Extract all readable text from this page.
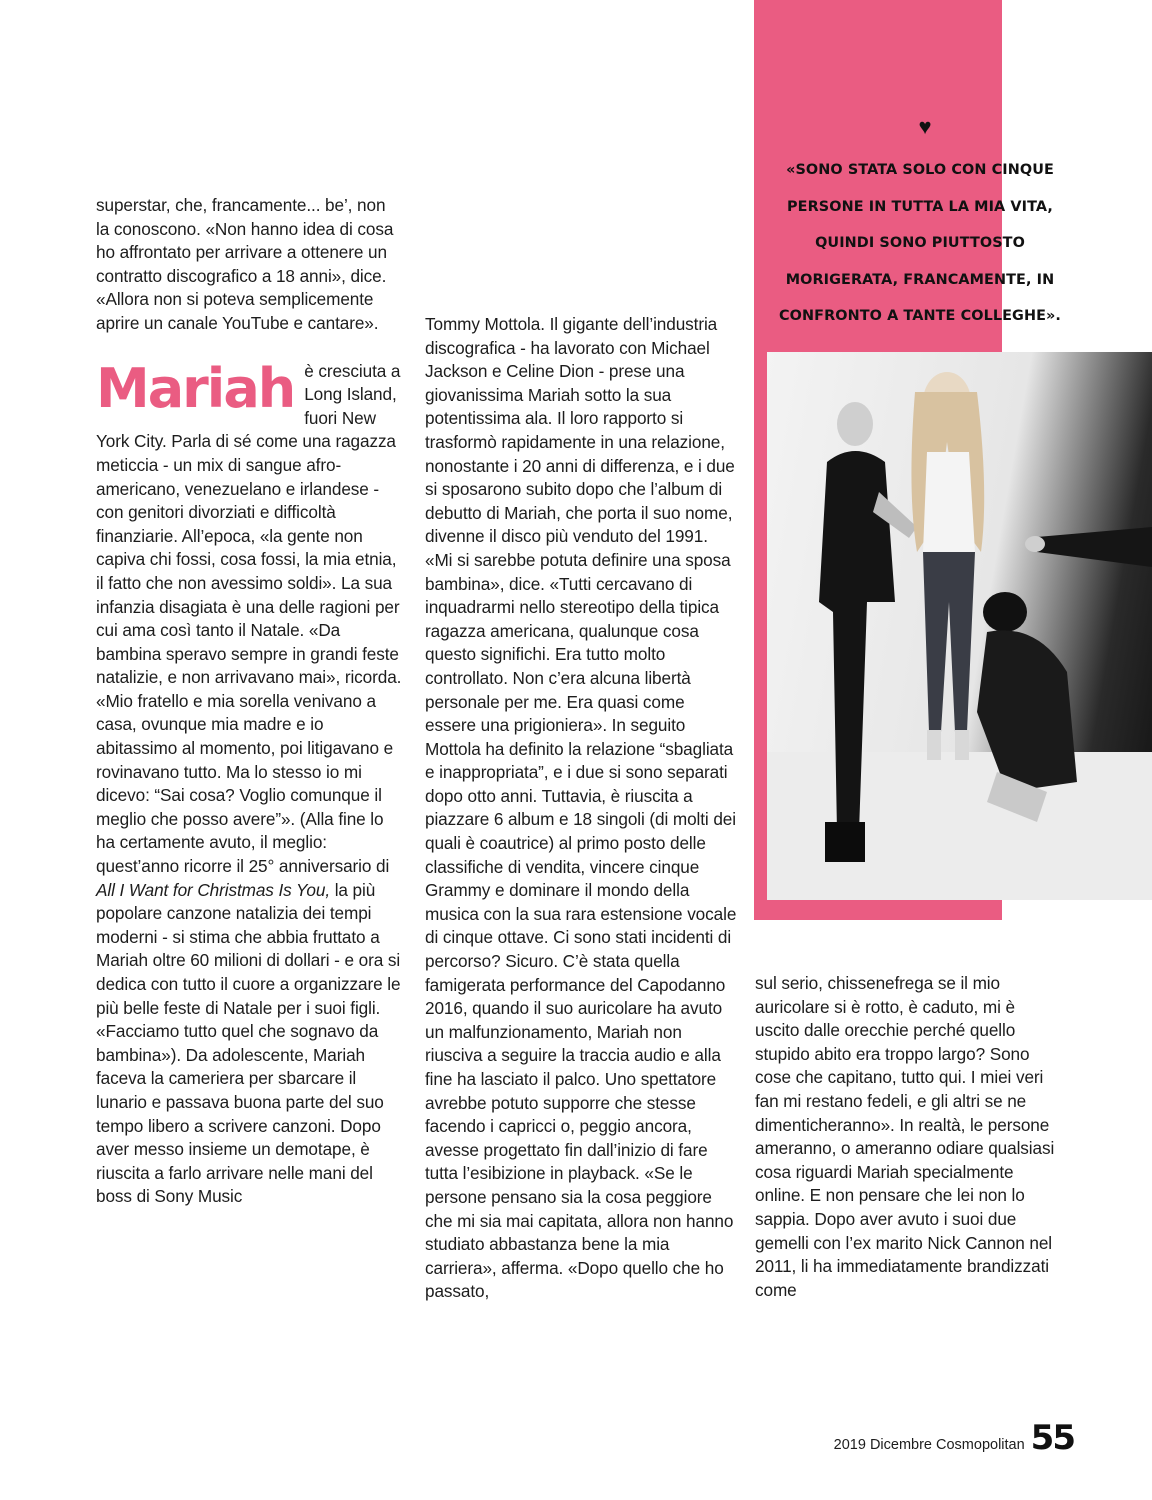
♥
«SONO STATA SOLO CON CINQUE PERSONE IN TUTTA LA MIA VITA, QUINDI SONO PIUTTOSTO MORIGERATA, FRANCAMENTE, IN CONFRONTO A TANTE COLLEGHE».

superstar, che, francamente... be’, non la conoscono. «Non hanno idea di cosa ho affrontato per arrivare a ottenere un contratto discografico a 18 anni», dice. «Allora non si poteva semplicemente aprire un canale YouTube e cantare».

Mariah è cresciuta a Long Island, fuori New York City. Parla di sé come una ragazza meticcia - un mix di sangue afro-americano, venezuelano e irlandese - con genitori divorziati e difficoltà finanziarie. All’epoca, «la gente non capiva chi fossi, cosa fossi, la mia etnia, il fatto che non avessimo soldi». La sua infanzia disagiata è una delle ragioni per cui ama così tanto il Natale. «Da bambina speravo sempre in grandi feste natalizie, e non arrivavano mai», ricorda. «Mio fratello e mia sorella venivano a casa, ovunque mia madre e io abitassimo al momento, poi litigavano e rovinavano tutto. Ma lo stesso io mi dicevo: “Sai cosa? Voglio comunque il meglio che posso avere”». (Alla fine lo ha certamente avuto, il meglio: quest’anno ricorre il 25° anniversario di All I Want for Christmas Is You, la più popolare canzone natalizia dei tempi moderni - si stima che abbia fruttato a Mariah oltre 60 milioni di dollari - e ora si dedica con tutto il cuore a organizzare le più belle feste di Natale per i suoi figli. «Facciamo tutto quel che sognavo da bambina»). Da adolescente, Mariah faceva la cameriera per sbarcare il lunario e passava buona parte del suo tempo libero a scrivere canzoni. Dopo aver messo insieme un demotape, è riuscita a farlo arrivare nelle mani del boss di Sony Music

Tommy Mottola. Il gigante dell’industria discografica - ha lavorato con Michael Jackson e Celine Dion - prese una giovanissima Mariah sotto la sua potentissima ala. Il loro rapporto si trasformò rapidamente in una relazione, nonostante i 20 anni di differenza, e i due si sposarono subito dopo che l’album di debutto di Mariah, che porta il suo nome, divenne il disco più venduto del 1991. «Mi si sarebbe potuta definire una sposa bambina», dice. «Tutti cercavano di inquadrarmi nello stereotipo della tipica ragazza americana, qualunque cosa questo significhi. Era tutto molto controllato. Non c’era alcuna libertà personale per me. Era quasi come essere una prigioniera». In seguito Mottola ha definito la relazione “sbagliata e inappropriata”, e i due si sono separati dopo otto anni. Tuttavia, è riuscita a piazzare 6 album e 18 singoli (di molti dei quali è coautrice) al primo posto delle classifiche di vendita, vincere cinque Grammy e dominare il mondo della musica con la sua rara estensione vocale di cinque ottave. Ci sono stati incidenti di percorso? Sicuro. C’è stata quella famigerata performance del Capodanno 2016, quando il suo auricolare ha avuto un malfunzionamento, Mariah non riusciva a seguire la traccia audio e alla fine ha lasciato il palco. Uno spettatore avrebbe potuto supporre che stesse facendo i capricci o, peggio ancora, avesse progettato fin dall’inizio di fare tutta l’esibizione in playback. «Se le persone pensano sia la cosa peggiore che mi sia mai capitata, allora non hanno studiato abbastanza bene la mia carriera», afferma. «Dopo quello che ho passato,

sul serio, chissenefrega se il mio auricolare si è rotto, è caduto, mi è uscito dalle orecchie perché quello stupido abito era troppo largo? Sono cose che capitano, tutto qui. I miei veri fan mi restano fedeli, e gli altri se ne dimenticheranno». In realtà, le persone ameranno, o ameranno odiare qualsiasi cosa riguardi Mariah specialmente online. E non pensare che lei non lo sappia. Dopo aver avuto i suoi due gemelli con l’ex marito Nick Cannon nel 2011, li ha immediatamente brandizzati come

2019 Dicembre Cosmopolitan 55
